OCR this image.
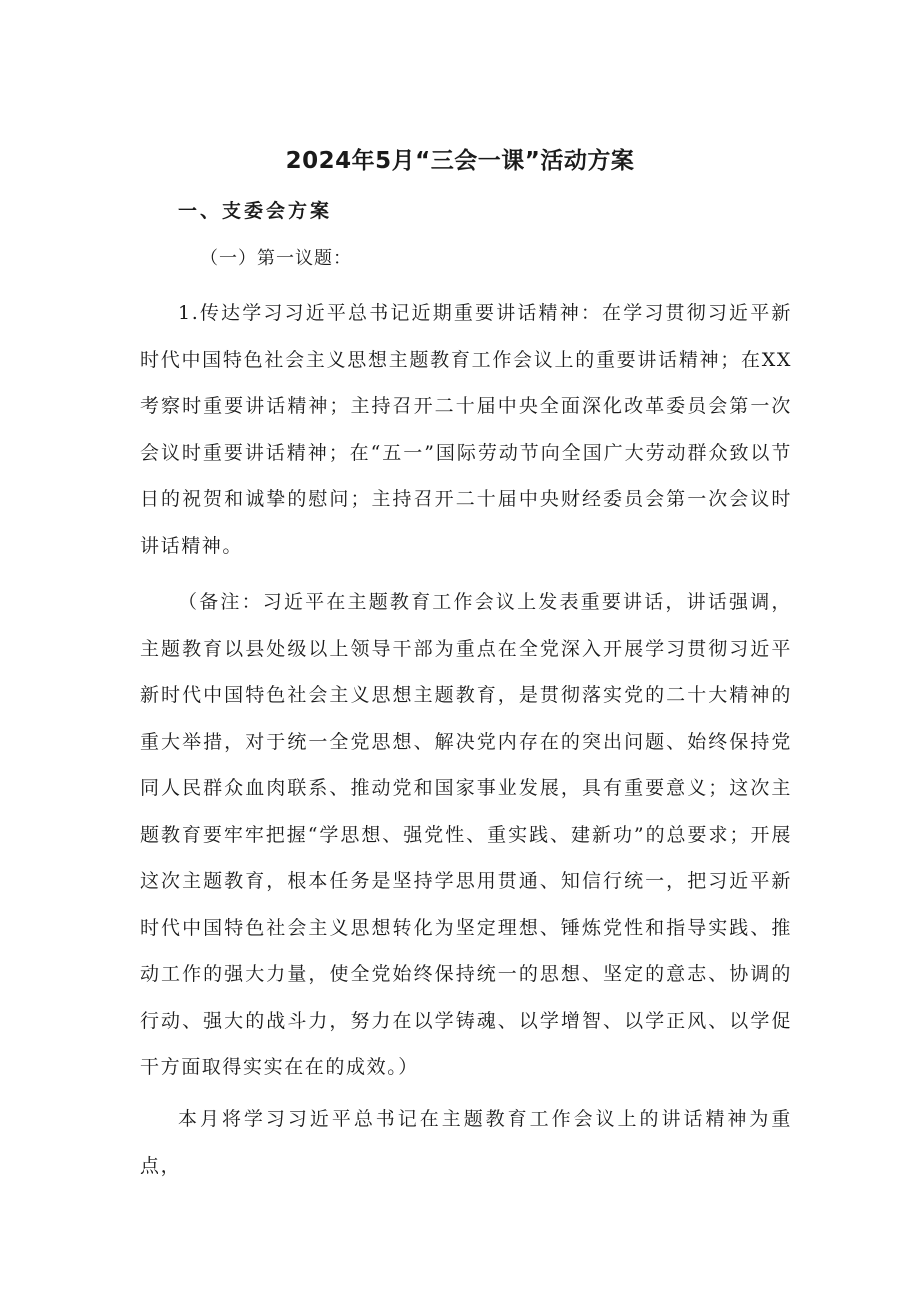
2024年5月“三会一课”活动方案
一、支委会方案
（一）第一议题：

1.传达学习习近平总书记近期重要讲话精神：在学习贯彻习近平新时代中国特色社会主义思想主题教育工作会议上的重要讲话精神；在XX考察时重要讲话精神；主持召开二十届中央全面深化改革委员会第一次会议时重要讲话精神；在“五一”国际劳动节向全国广大劳动群众致以节日的祝贺和诚挚的慰问；主持召开二十届中央财经委员会第一次会议时讲话精神。

（备注：习近平在主题教育工作会议上发表重要讲话，讲话强调，主题教育以县处级以上领导干部为重点在全党深入开展学习贯彻习近平新时代中国特色社会主义思想主题教育，是贯彻落实党的二十大精神的重大举措，对于统一全党思想、解决党内存在的突出问题、始终保持党同人民群众血肉联系、推动党和国家事业发展，具有重要意义；这次主题教育要牢牢把握“学思想、强党性、重实践、建新功”的总要求；开展这次主题教育，根本任务是坚持学思用贯通、知信行统一，把习近平新时代中国特色社会主义思想转化为坚定理想、锤炼党性和指导实践、推动工作的强大力量，使全党始终保持统一的思想、坚定的意志、协调的行动、强大的战斗力，努力在以学铸魂、以学增智、以学正风、以学促干方面取得实实在在的成效。）

本月将学习习近平总书记在主题教育工作会议上的讲话精神为重点，
